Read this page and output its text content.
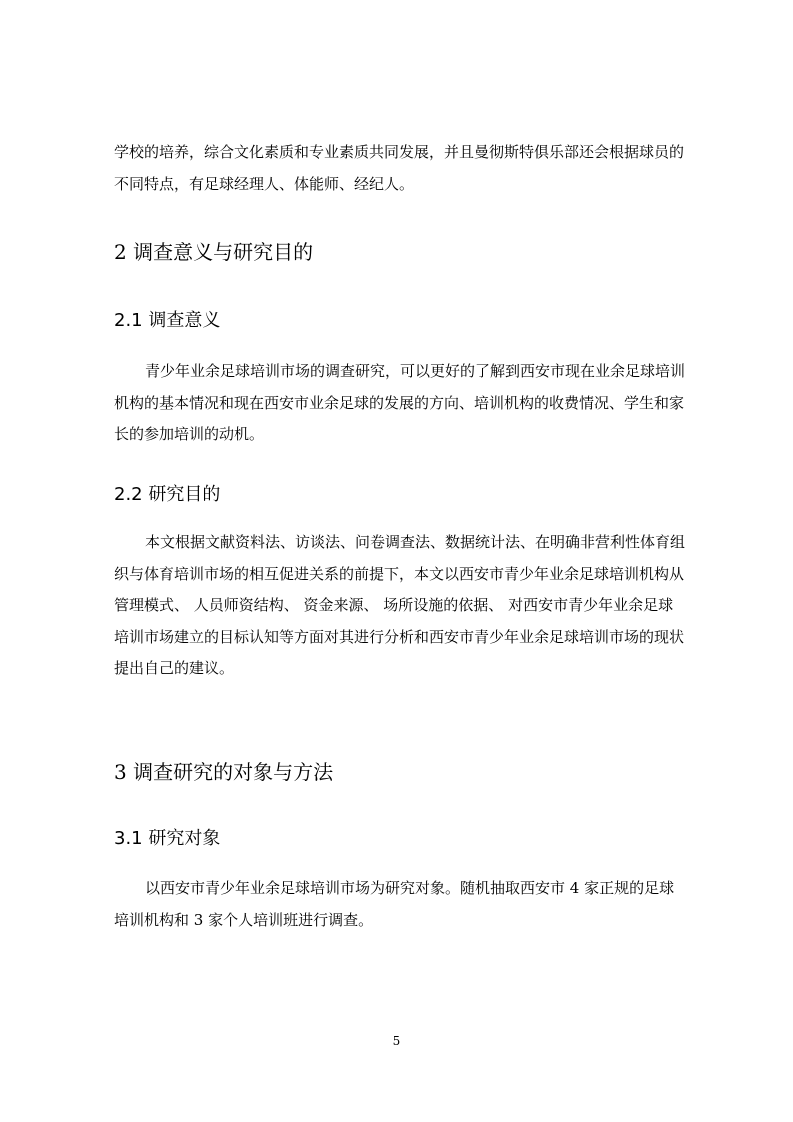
学校的培养，综合文化素质和专业素质共同发展，并且曼彻斯特俱乐部还会根据球员的不同特点，有足球经理人、体能师、经纪人。

2 调查意义与研究目的
2.1 调查意义

青少年业余足球培训市场的调查研究，可以更好的了解到西安市现在业余足球培训机构的基本情况和现在西安市业余足球的发展的方向、培训机构的收费情况、学生和家长的参加培训的动机。

2.2 研究目的

本文根据文献资料法、访谈法、问卷调查法、数据统计法、在明确非营利性体育组织与体育培训市场的相互促进关系的前提下，本文以西安市青少年业余足球培训机构从管理模式、 人员师资结构、 资金来源、 场所设施的依据、 对西安市青少年业余足球培训市场建立的目标认知等方面对其进行分析和西安市青少年业余足球培训市场的现状提出自己的建议。

3 调查研究的对象与方法
3.1 研究对象

以西安市青少年业余足球培训市场为研究对象。随机抽取西安市 4 家正规的足球培训机构和 3 家个人培训班进行调查。

5
